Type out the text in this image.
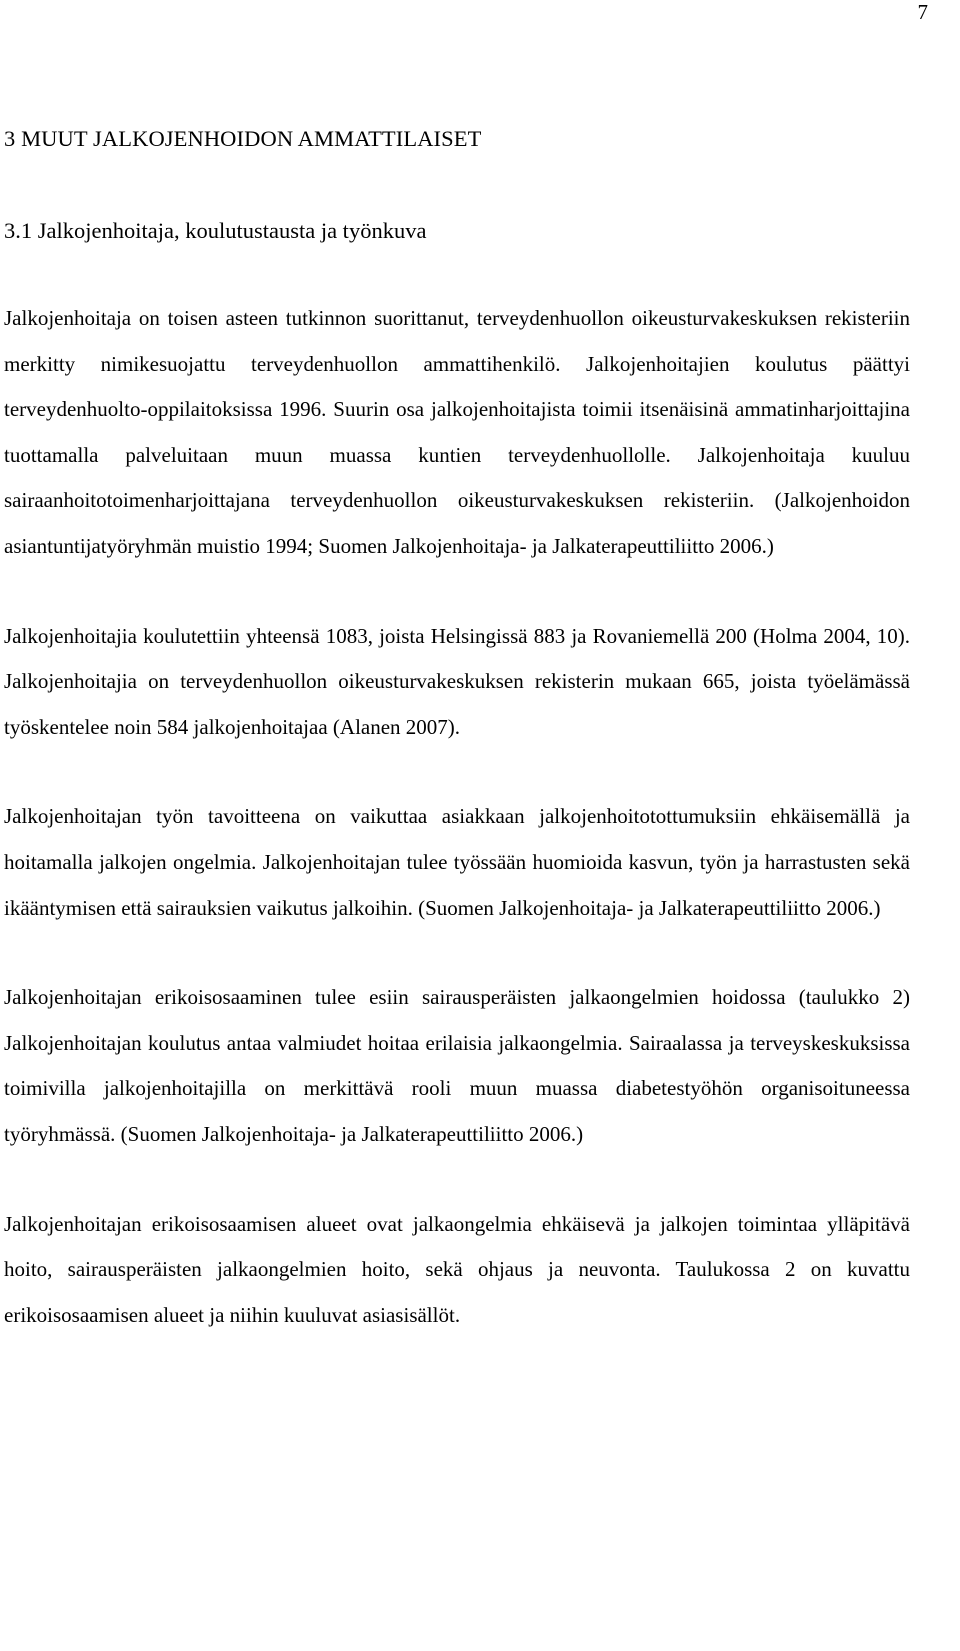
7
3 MUUT JALKOJENHOIDON AMMATTILAISET
3.1 Jalkojenhoitaja, koulutustausta ja työnkuva

Jalkojenhoitaja on toisen asteen tutkinnon suorittanut, terveydenhuollon oikeusturvakeskuksen rekisteriin merkitty nimikesuojattu terveydenhuollon ammattihenkilö. Jalkojenhoitajien koulutus päättyi terveydenhuolto-oppilaitoksissa 1996. Suurin osa jalkojenhoitajista toimii itsenäisinä ammatinharjoittajina tuottamalla palveluitaan muun muassa kuntien terveydenhuollolle. Jalkojenhoitaja kuuluu sairaanhoitotoimenharjoittajana terveydenhuollon oikeusturvakeskuksen rekisteriin. (Jalkojenhoidon asiantuntijatyöryhmän muistio 1994; Suomen Jalkojenhoitaja- ja Jalkaterapeuttiliitto 2006.)

Jalkojenhoitajia koulutettiin yhteensä 1083, joista Helsingissä 883 ja Rovaniemellä 200 (Holma 2004, 10). Jalkojenhoitajia on terveydenhuollon oikeusturvakeskuksen rekisterin mukaan 665, joista työelämässä työskentelee noin 584 jalkojenhoitajaa (Alanen 2007).

Jalkojenhoitajan työn tavoitteena on vaikuttaa asiakkaan jalkojenhoitotottumuksiin ehkäisemällä ja hoitamalla jalkojen ongelmia. Jalkojenhoitajan tulee työssään huomioida kasvun, työn ja harrastusten sekä ikääntymisen että sairauksien vaikutus jalkoihin. (Suomen Jalkojenhoitaja- ja Jalkaterapeuttiliitto 2006.)

Jalkojenhoitajan erikoisosaaminen tulee esiin sairausperäisten jalkaongelmien hoidossa (taulukko 2) Jalkojenhoitajan koulutus antaa valmiudet hoitaa erilaisia jalkaongelmia. Sairaalassa ja terveyskeskuksissa toimivilla jalkojenhoitajilla on merkittävä rooli muun muassa diabetestyöhön organisoituneessa työryhmässä. (Suomen Jalkojenhoitaja- ja Jalkaterapeuttiliitto 2006.)

Jalkojenhoitajan erikoisosaamisen alueet ovat jalkaongelmia ehkäisevä ja jalkojen toimintaa ylläpitävä hoito, sairausperäisten jalkaongelmien hoito, sekä ohjaus ja neuvonta. Taulukossa 2 on kuvattu erikoisosaamisen alueet ja niihin kuuluvat asiasisällöt.
